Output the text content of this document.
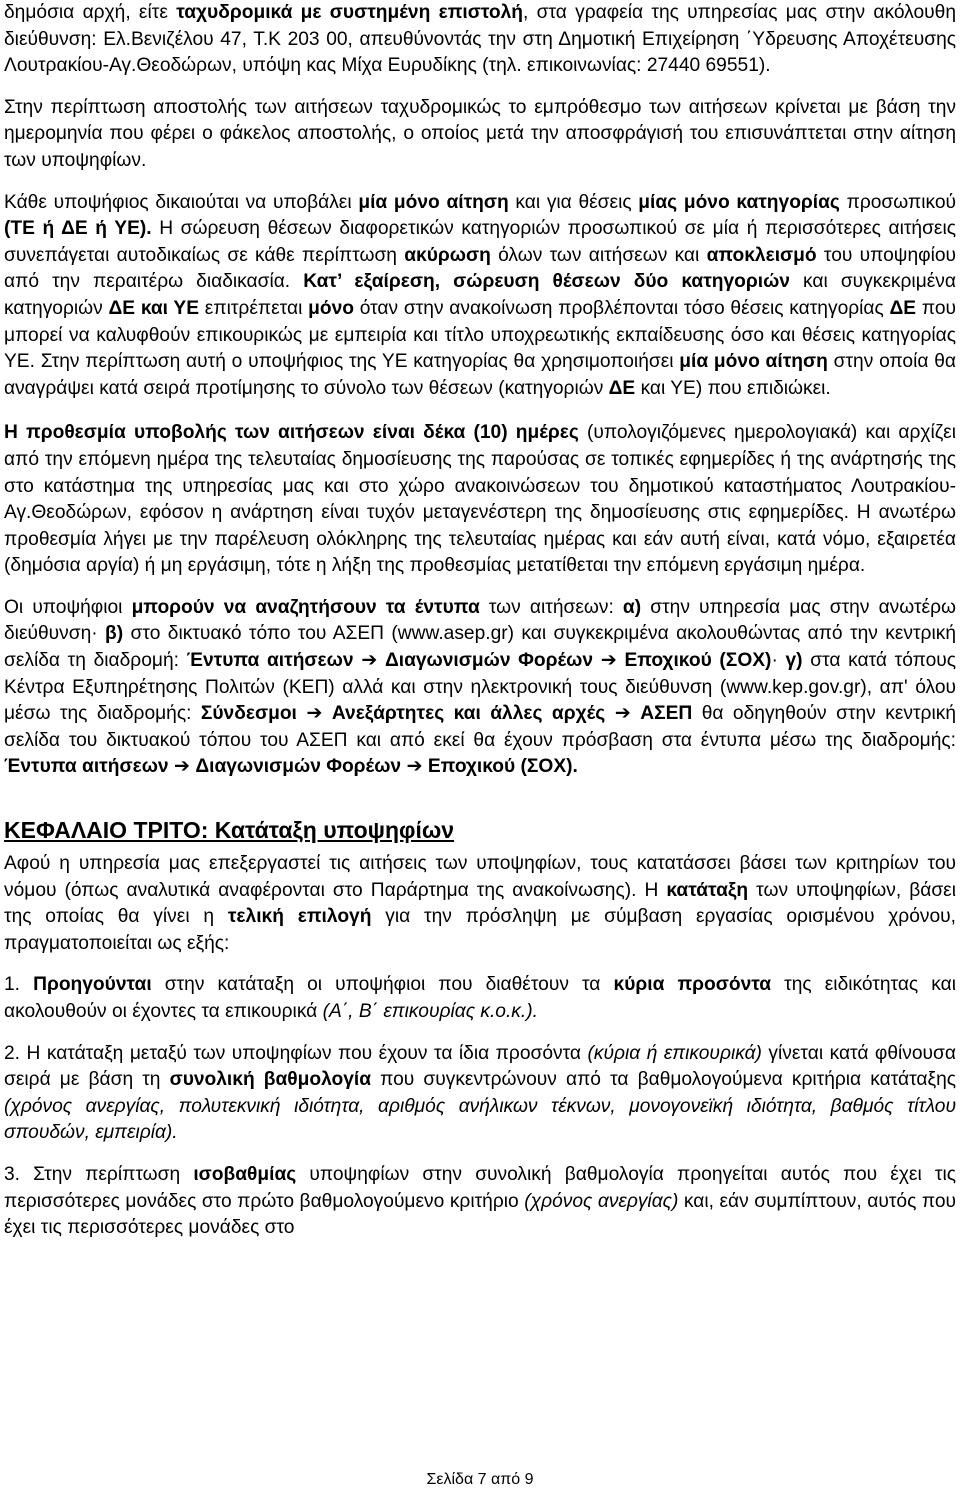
δημόσια αρχή, είτε ταχυδρομικά με συστημένη επιστολή, στα γραφεία της υπηρεσίας μας στην ακόλουθη διεύθυνση: Ελ.Βενιζέλου 47, Τ.Κ 203 00, απευθύνοντάς την στη Δημοτική Επιχείρηση ΄Υδρευσης Αποχέτευσης Λουτρακίου-Αγ.Θεοδώρων, υπόψη κας Μίχα Ευρυδίκης (τηλ. επικοινωνίας: 27440 69551).

Στην περίπτωση αποστολής των αιτήσεων ταχυδρομικώς το εμπρόθεσμο των αιτήσεων κρίνεται με βάση την ημερομηνία που φέρει ο φάκελος αποστολής, ο οποίος μετά την αποσφράγισή του επισυνάπτεται στην αίτηση των υποψηφίων.

Κάθε υποψήφιος δικαιούται να υποβάλει μία μόνο αίτηση και για θέσεις μίας μόνο κατηγορίας προσωπικού (ΤΕ ή ΔΕ ή ΥΕ). Η σώρευση θέσεων διαφορετικών κατηγοριών προσωπικού σε μία ή περισσότερες αιτήσεις συνεπάγεται αυτοδικαίως σε κάθε περίπτωση ακύρωση όλων των αιτήσεων και αποκλεισμό του υποψηφίου από την περαιτέρω διαδικασία. Κατ’ εξαίρεση, σώρευση θέσεων δύο κατηγοριών και συγκεκριμένα κατηγοριών ΔΕ και ΥΕ επιτρέπεται μόνο όταν στην ανακοίνωση προβλέπονται τόσο θέσεις κατηγορίας ΔΕ που μπορεί να καλυφθούν επικουρικώς με εμπειρία και τίτλο υποχρεωτικής εκπαίδευσης όσο και θέσεις κατηγορίας ΥΕ. Στην περίπτωση αυτή ο υποψήφιος της ΥΕ κατηγορίας θα χρησιμοποιήσει μία μόνο αίτηση στην οποία θα αναγράψει κατά σειρά προτίμησης το σύνολο των θέσεων (κατηγοριών ΔΕ και ΥΕ) που επιδιώκει.

Η προθεσμία υποβολής των αιτήσεων είναι δέκα (10) ημέρες (υπολογιζόμενες ημερολογιακά) και αρχίζει από την επόμενη ημέρα της τελευταίας δημοσίευσης της παρούσας σε τοπικές εφημερίδες ή της ανάρτησής της στο κατάστημα της υπηρεσίας μας και στο χώρο ανακοινώσεων του δημοτικού καταστήματος Λουτρακίου-Αγ.Θεοδώρων, εφόσον η ανάρτηση είναι τυχόν μεταγενέστερη της δημοσίευσης στις εφημερίδες. Η ανωτέρω προθεσμία λήγει με την παρέλευση ολόκληρης της τελευταίας ημέρας και εάν αυτή είναι, κατά νόμο, εξαιρετέα (δημόσια αργία) ή μη εργάσιμη, τότε η λήξη της προθεσμίας μετατίθεται την επόμενη εργάσιμη ημέρα.

Οι υποψήφιοι μπορούν να αναζητήσουν τα έντυπα των αιτήσεων: α) στην υπηρεσία μας στην ανωτέρω διεύθυνση· β) στο δικτυακό τόπο του ΑΣΕΠ (www.asep.gr) και συγκεκριμένα ακολουθώντας από την κεντρική σελίδα τη διαδρομή: Έντυπα αιτήσεων ➔ Διαγωνισμών Φορέων ➔ Εποχικού (ΣΟΧ)· γ) στα κατά τόπους Κέντρα Εξυπηρέτησης Πολιτών (ΚΕΠ) αλλά και στην ηλεκτρονική τους διεύθυνση (www.kep.gov.gr), απ' όλου μέσω της διαδρομής: Σύνδεσμοι ➔ Ανεξάρτητες και άλλες αρχές ➔ ΑΣΕΠ θα οδηγηθούν στην κεντρική σελίδα του δικτυακού τόπου του ΑΣΕΠ και από εκεί θα έχουν πρόσβαση στα έντυπα μέσω της διαδρομής: Έντυπα αιτήσεων ➔ Διαγωνισμών Φορέων ➔ Εποχικού (ΣΟΧ).

ΚΕΦΑΛΑΙΟ ΤΡΙΤΟ: Κατάταξη υποψηφίων

Αφού η υπηρεσία μας επεξεργαστεί τις αιτήσεις των υποψηφίων, τους κατατάσσει βάσει των κριτηρίων του νόμου (όπως αναλυτικά αναφέρονται στο Παράρτημα της ανακοίνωσης). Η κατάταξη των υποψηφίων, βάσει της οποίας θα γίνει η τελική επιλογή για την πρόσληψη με σύμβαση εργασίας ορισμένου χρόνου, πραγματοποιείται ως εξής:

1. Προηγούνται στην κατάταξη οι υποψήφιοι που διαθέτουν τα κύρια προσόντα της ειδικότητας και ακολουθούν οι έχοντες τα επικουρικά (Α΄, Β΄ επικουρίας κ.ο.κ.).

2. Η κατάταξη μεταξύ των υποψηφίων που έχουν τα ίδια προσόντα (κύρια ή επικουρικά) γίνεται κατά φθίνουσα σειρά με βάση τη συνολική βαθμολογία που συγκεντρώνουν από τα βαθμολογούμενα κριτήρια κατάταξης (χρόνος ανεργίας, πολυτεκνική ιδιότητα, αριθμός ανήλικων τέκνων, μονογονεϊκή ιδιότητα, βαθμός τίτλου σπουδών, εμπειρία).

3. Στην περίπτωση ισοβαθμίας υποψηφίων στην συνολική βαθμολογία προηγείται αυτός που έχει τις περισσότερες μονάδες στο πρώτο βαθμολογούμενο κριτήριο (χρόνος ανεργίας) και, εάν συμπίπτουν, αυτός που έχει τις περισσότερες μονάδες στο

Σελίδα 7 από 9
